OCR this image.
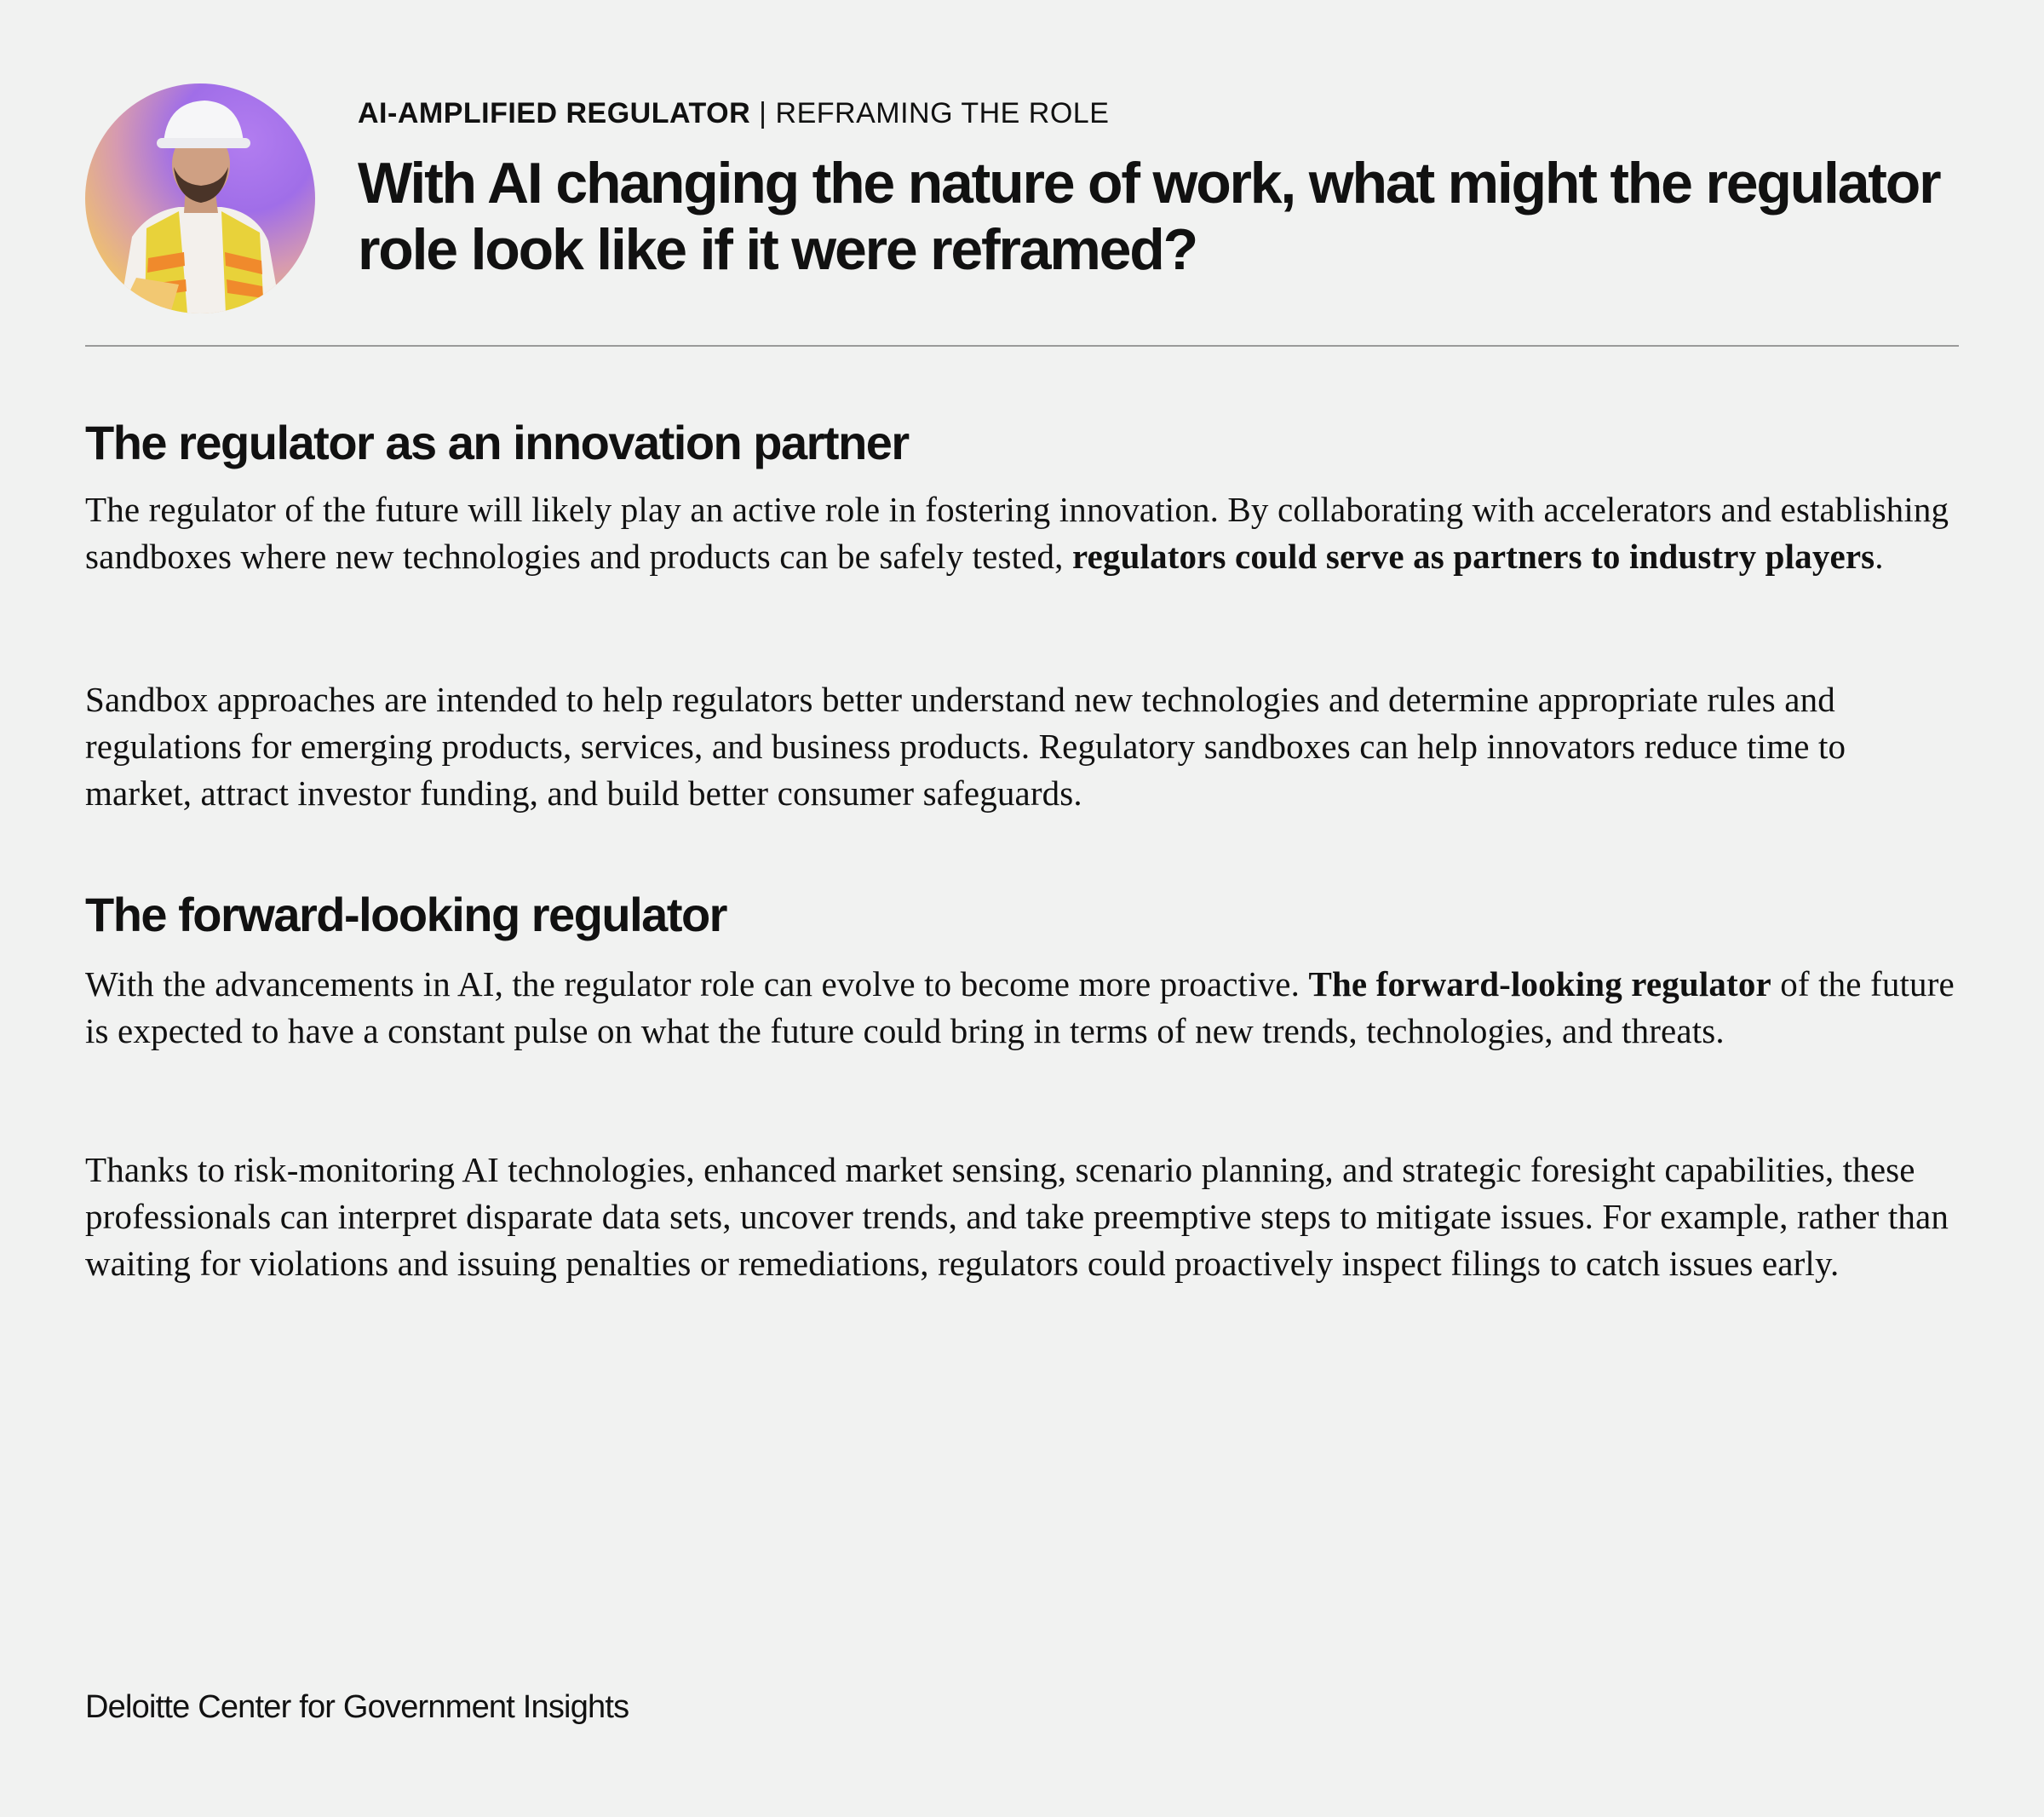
AI-AMPLIFIED REGULATOR | REFRAMING THE ROLE
With AI changing the nature of work, what might the regulator role look like if it were reframed?
The regulator as an innovation partner

The regulator of the future will likely play an active role in fostering innovation. By collaborating with accelerators and establishing sandboxes where new technologies and products can be safely tested, regulators could serve as partners to industry players.

Sandbox approaches are intended to help regulators better understand new technologies and determine appropriate rules and regulations for emerging products, services, and business products. Regulatory sandboxes can help innovators reduce time to market, attract investor funding, and build better consumer safeguards.

The forward-looking regulator

With the advancements in AI, the regulator role can evolve to become more proactive. The forward-looking regulator of the future is expected to have a constant pulse on what the future could bring in terms of new trends, technologies, and threats.

Thanks to risk-monitoring AI technologies, enhanced market sensing, scenario planning, and strategic foresight capabilities, these professionals can interpret disparate data sets, uncover trends, and take preemptive steps to mitigate issues. For example, rather than waiting for violations and issuing penalties or remediations, regulators could proactively inspect filings to catch issues early.

Deloitte Center for Government Insights
